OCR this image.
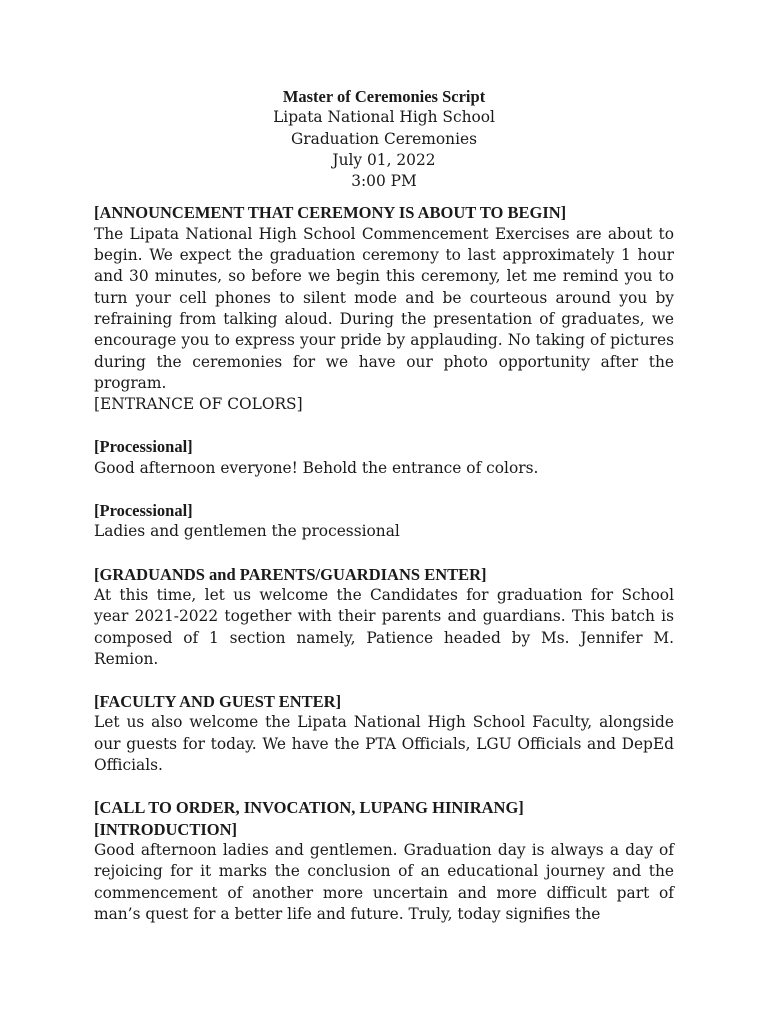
Master of Ceremonies Script
Lipata National High School
Graduation Ceremonies
July 01, 2022
3:00 PM
[ANNOUNCEMENT THAT CEREMONY IS ABOUT TO BEGIN]
The Lipata National High School Commencement Exercises are about to begin. We expect the graduation ceremony to last approximately 1 hour and 30 minutes, so before we begin this ceremony, let me remind you to turn your cell phones to silent mode and be courteous around you by refraining from talking aloud. During the presentation of graduates, we encourage you to express your pride by applauding. No taking of pictures during the ceremonies for we have our photo opportunity after the program.
[ENTRANCE OF COLORS]
[Processional]
Good afternoon everyone! Behold the entrance of colors.
[Processional]
Ladies and gentlemen the processional
[GRADUANDS and PARENTS/GUARDIANS ENTER]
At this time, let us welcome the Candidates for graduation for School year 2021-2022 together with their parents and guardians. This batch is composed of 1 section namely, Patience headed by Ms. Jennifer M. Remion.
[FACULTY AND GUEST ENTER]
Let us also welcome the Lipata National High School Faculty, alongside our guests for today. We have the PTA Officials, LGU Officials and DepEd Officials.
[CALL TO ORDER, INVOCATION, LUPANG HINIRANG]
[INTRODUCTION]
Good afternoon ladies and gentlemen. Graduation day is always a day of rejoicing for it marks the conclusion of an educational journey and the commencement of another more uncertain and more difficult part of man’s quest for a better life and future. Truly, today signifies the
